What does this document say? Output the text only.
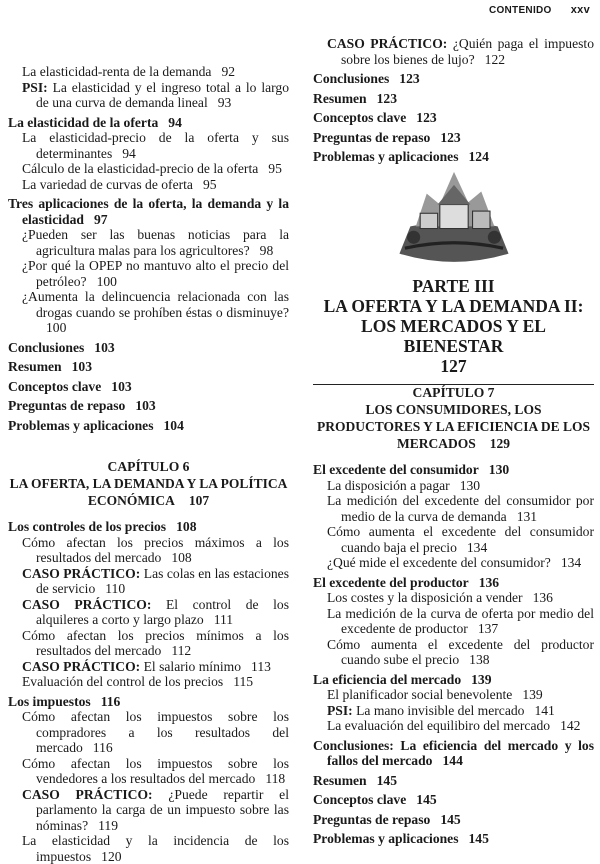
CONTENIDO xxv
La elasticidad-renta de la demanda 92
PSI: La elasticidad y el ingreso total a lo largo de una curva de demanda lineal 93
La elasticidad de la oferta 94
La elasticidad-precio de la oferta y sus determinantes 94
Cálculo de la elasticidad-precio de la oferta 95
La variedad de curvas de oferta 95
Tres aplicaciones de la oferta, la demanda y la elasticidad 97
¿Pueden ser las buenas noticias para la agricultura malas para los agricultores? 98
¿Por qué la OPEP no mantuvo alto el precio del petróleo? 100
¿Aumenta la delincuencia relacionada con las drogas cuando se prohíben éstas o disminuye?100
Conclusiones 103
Resumen 103
Conceptos clave 103
Preguntas de repaso 103
Problemas y aplicaciones 104
CAPÍTULO 6
LA OFERTA, LA DEMANDA Y LA POLÍTICA ECONÓMICA 107
Los controles de los precios 108
Cómo afectan los precios máximos a los resultados del mercado 108
CASO PRÁCTICO: Las colas en las estaciones de servicio 110
CASO PRÁCTICO: El control de los alquileres a corto y largo plazo 111
Cómo afectan los precios mínimos a los resultados del mercado 112
CASO PRÁCTICO: El salario mínimo 113
Evaluación del control de los precios 115
Los impuestos 116
Cómo afectan los impuestos sobre los compradores a los resultados del mercado 116
Cómo afectan los impuestos sobre los vendedores a los resultados del mercado 118
CASO PRÁCTICO: ¿Puede repartir el parlamento la carga de un impuesto sobre las nóminas? 119
La elasticidad y la incidencia de los impuestos 120
CASO PRÁCTICO: ¿Quién paga el impuesto sobre los bienes de lujo? 122
Conclusiones 123
Resumen 123
Conceptos clave 123
Preguntas de repaso 123
Problemas y aplicaciones 124
PARTE III
LA OFERTA Y LA DEMANDA II: LOS MERCADOS Y EL BIENESTAR
127
CAPÍTULO 7
LOS CONSUMIDORES, LOS PRODUCTORES Y LA EFICIENCIA DE LOS MERCADOS 129
El excedente del consumidor 130
La disposición a pagar 130
La medición del excedente del consumidor por medio de la curva de demanda 131
Cómo aumenta el excedente del consumidor cuando baja el precio 134
¿Qué mide el excedente del consumidor? 134
El excedente del productor 136
Los costes y la disposición a vender 136
La medición de la curva de oferta por medio del excedente de productor 137
Cómo aumenta el excedente del productor cuando sube el precio 138
La eficiencia del mercado 139
El planificador social benevolente 139
PSI: La mano invisible del mercado 141
La evaluación del equilibiro del mercado 142
Conclusiones: La eficiencia del mercado y los fallos del mercado 144
Resumen 145
Conceptos clave 145
Preguntas de repaso 145
Problemas y aplicaciones 145
